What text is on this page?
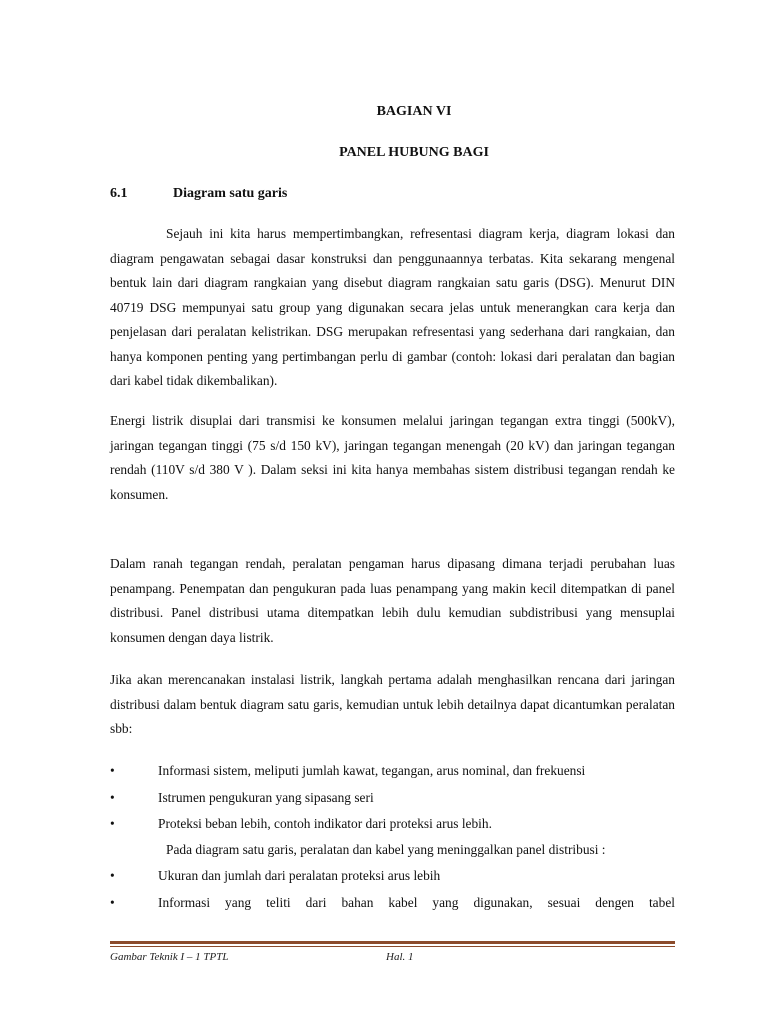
BAGIAN VI
PANEL HUBUNG BAGI
6.1	Diagram satu garis

Sejauh ini kita harus mempertimbangkan, refresentasi diagram kerja, diagram lokasi dan diagram pengawatan sebagai dasar konstruksi dan penggunaannya terbatas. Kita sekarang mengenal bentuk lain dari diagram rangkaian yang disebut diagram rangkaian satu garis (DSG). Menurut DIN 40719 DSG mempunyai satu group yang digunakan secara jelas untuk menerangkan cara kerja dan penjelasan dari peralatan kelistrikan. DSG merupakan refresentasi yang sederhana dari rangkaian, dan hanya komponen penting yang pertimbangan perlu di gambar (contoh: lokasi dari peralatan dan bagian dari kabel tidak dikembalikan).

Energi listrik disuplai dari transmisi ke konsumen melalui jaringan tegangan extra tinggi (500kV), jaringan tegangan tinggi (75 s/d 150 kV), jaringan tegangan menengah (20 kV) dan jaringan tegangan rendah (110V s/d 380 V ). Dalam seksi ini kita hanya membahas sistem distribusi tegangan rendah ke konsumen.

Dalam ranah tegangan rendah, peralatan pengaman harus dipasang dimana terjadi perubahan luas penampang. Penempatan dan pengukuran pada luas penampang yang makin kecil ditempatkan di panel distribusi. Panel distribusi utama ditempatkan lebih dulu kemudian subdistribusi yang mensuplai konsumen dengan daya listrik.

Jika akan merencanakan instalasi listrik, langkah pertama adalah menghasilkan rencana dari jaringan distribusi dalam bentuk diagram satu garis, kemudian untuk lebih detailnya dapat dicantumkan peralatan sbb:

•	Informasi sistem, meliputi jumlah kawat, tegangan, arus nominal, dan frekuensi
•	Istrumen pengukuran yang sipasang seri
•	Proteksi beban lebih, contoh indikator dari proteksi arus lebih.
Pada diagram satu garis, peralatan dan kabel yang meninggalkan panel distribusi :
•	Ukuran dan jumlah dari peralatan proteksi arus lebih
•	Informasi yang teliti dari bahan kabel yang digunakan, sesuai dengen tabel
Gambar Teknik I – 1 TPTL	Hal. 1
